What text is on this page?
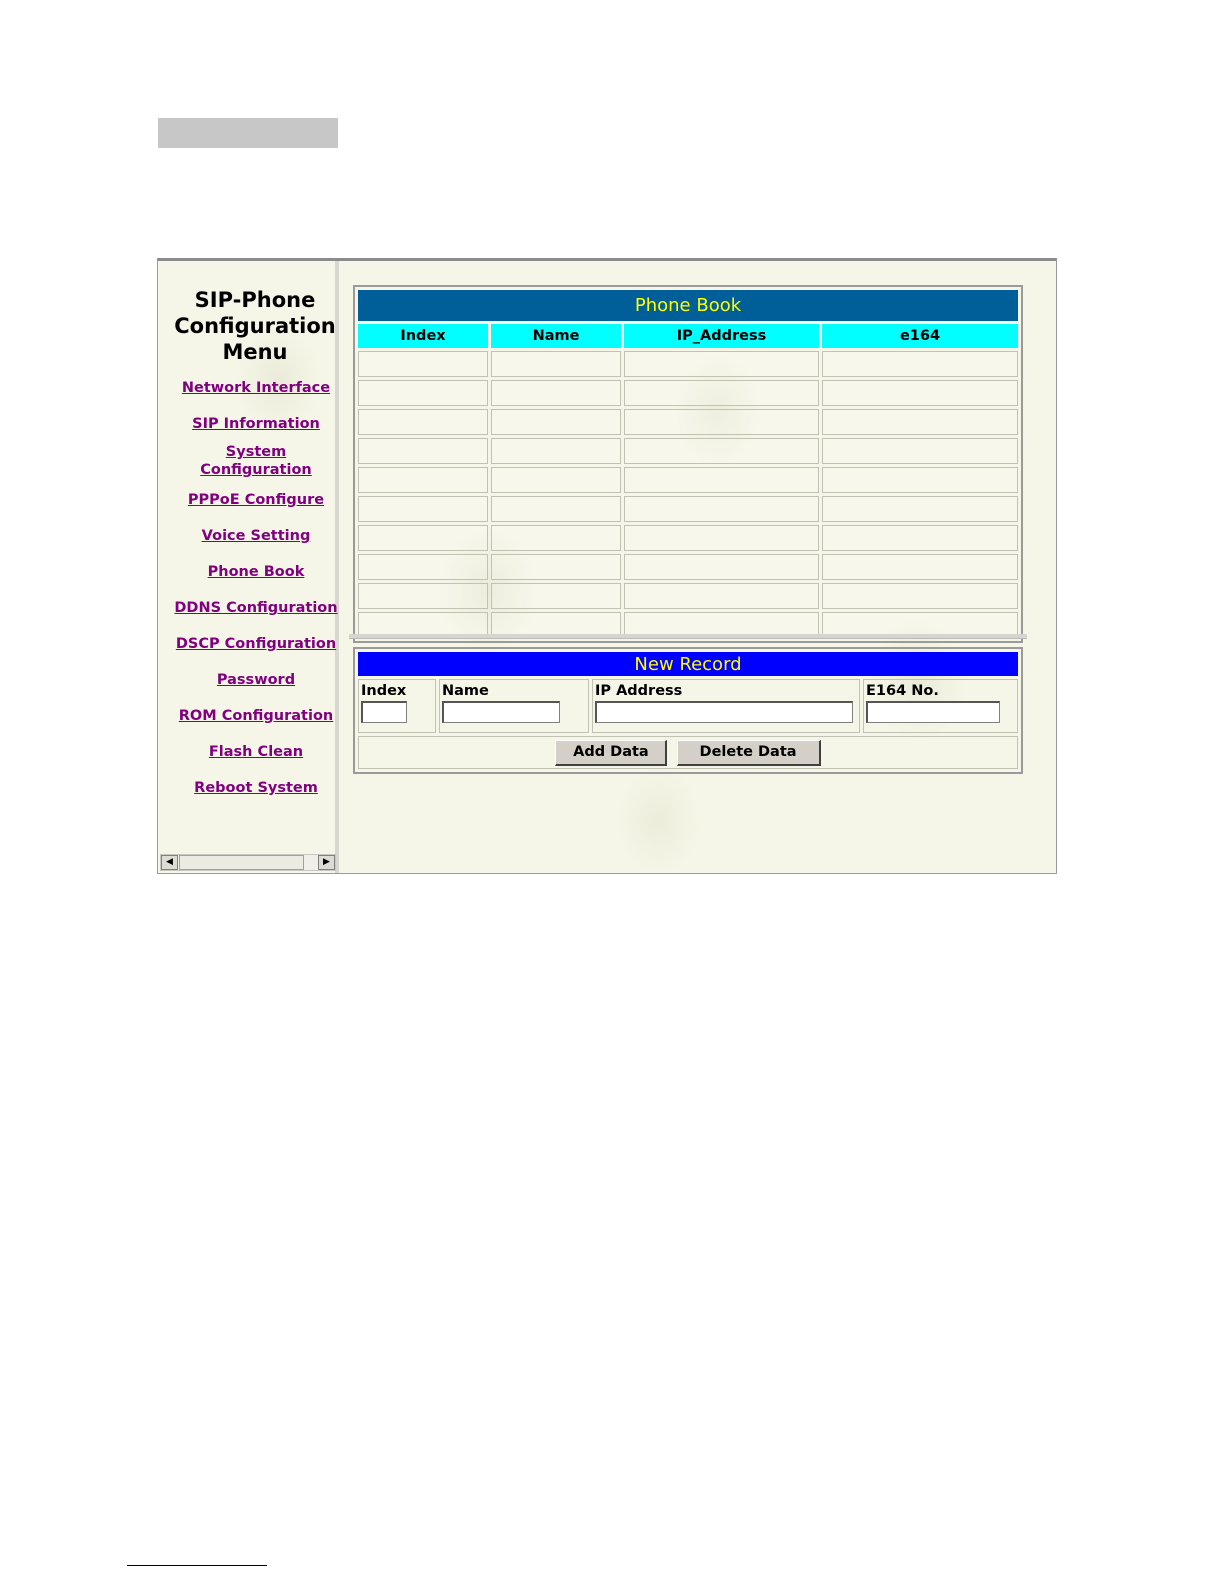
SIP-Phone
Configuration
Menu
Network Interface
SIP Information
System
Configuration
PPPoE Configure
Voice Setting
Phone Book
DDNS Configuration
DSCP Configuration
Password
ROM Configuration
Flash Clean
Reboot System
◀	▶
Phone Book			
Index	Name	IP_Address	e164

New Record

Index	Name	IP Address	E164 No.

Add Data	Delete Data
